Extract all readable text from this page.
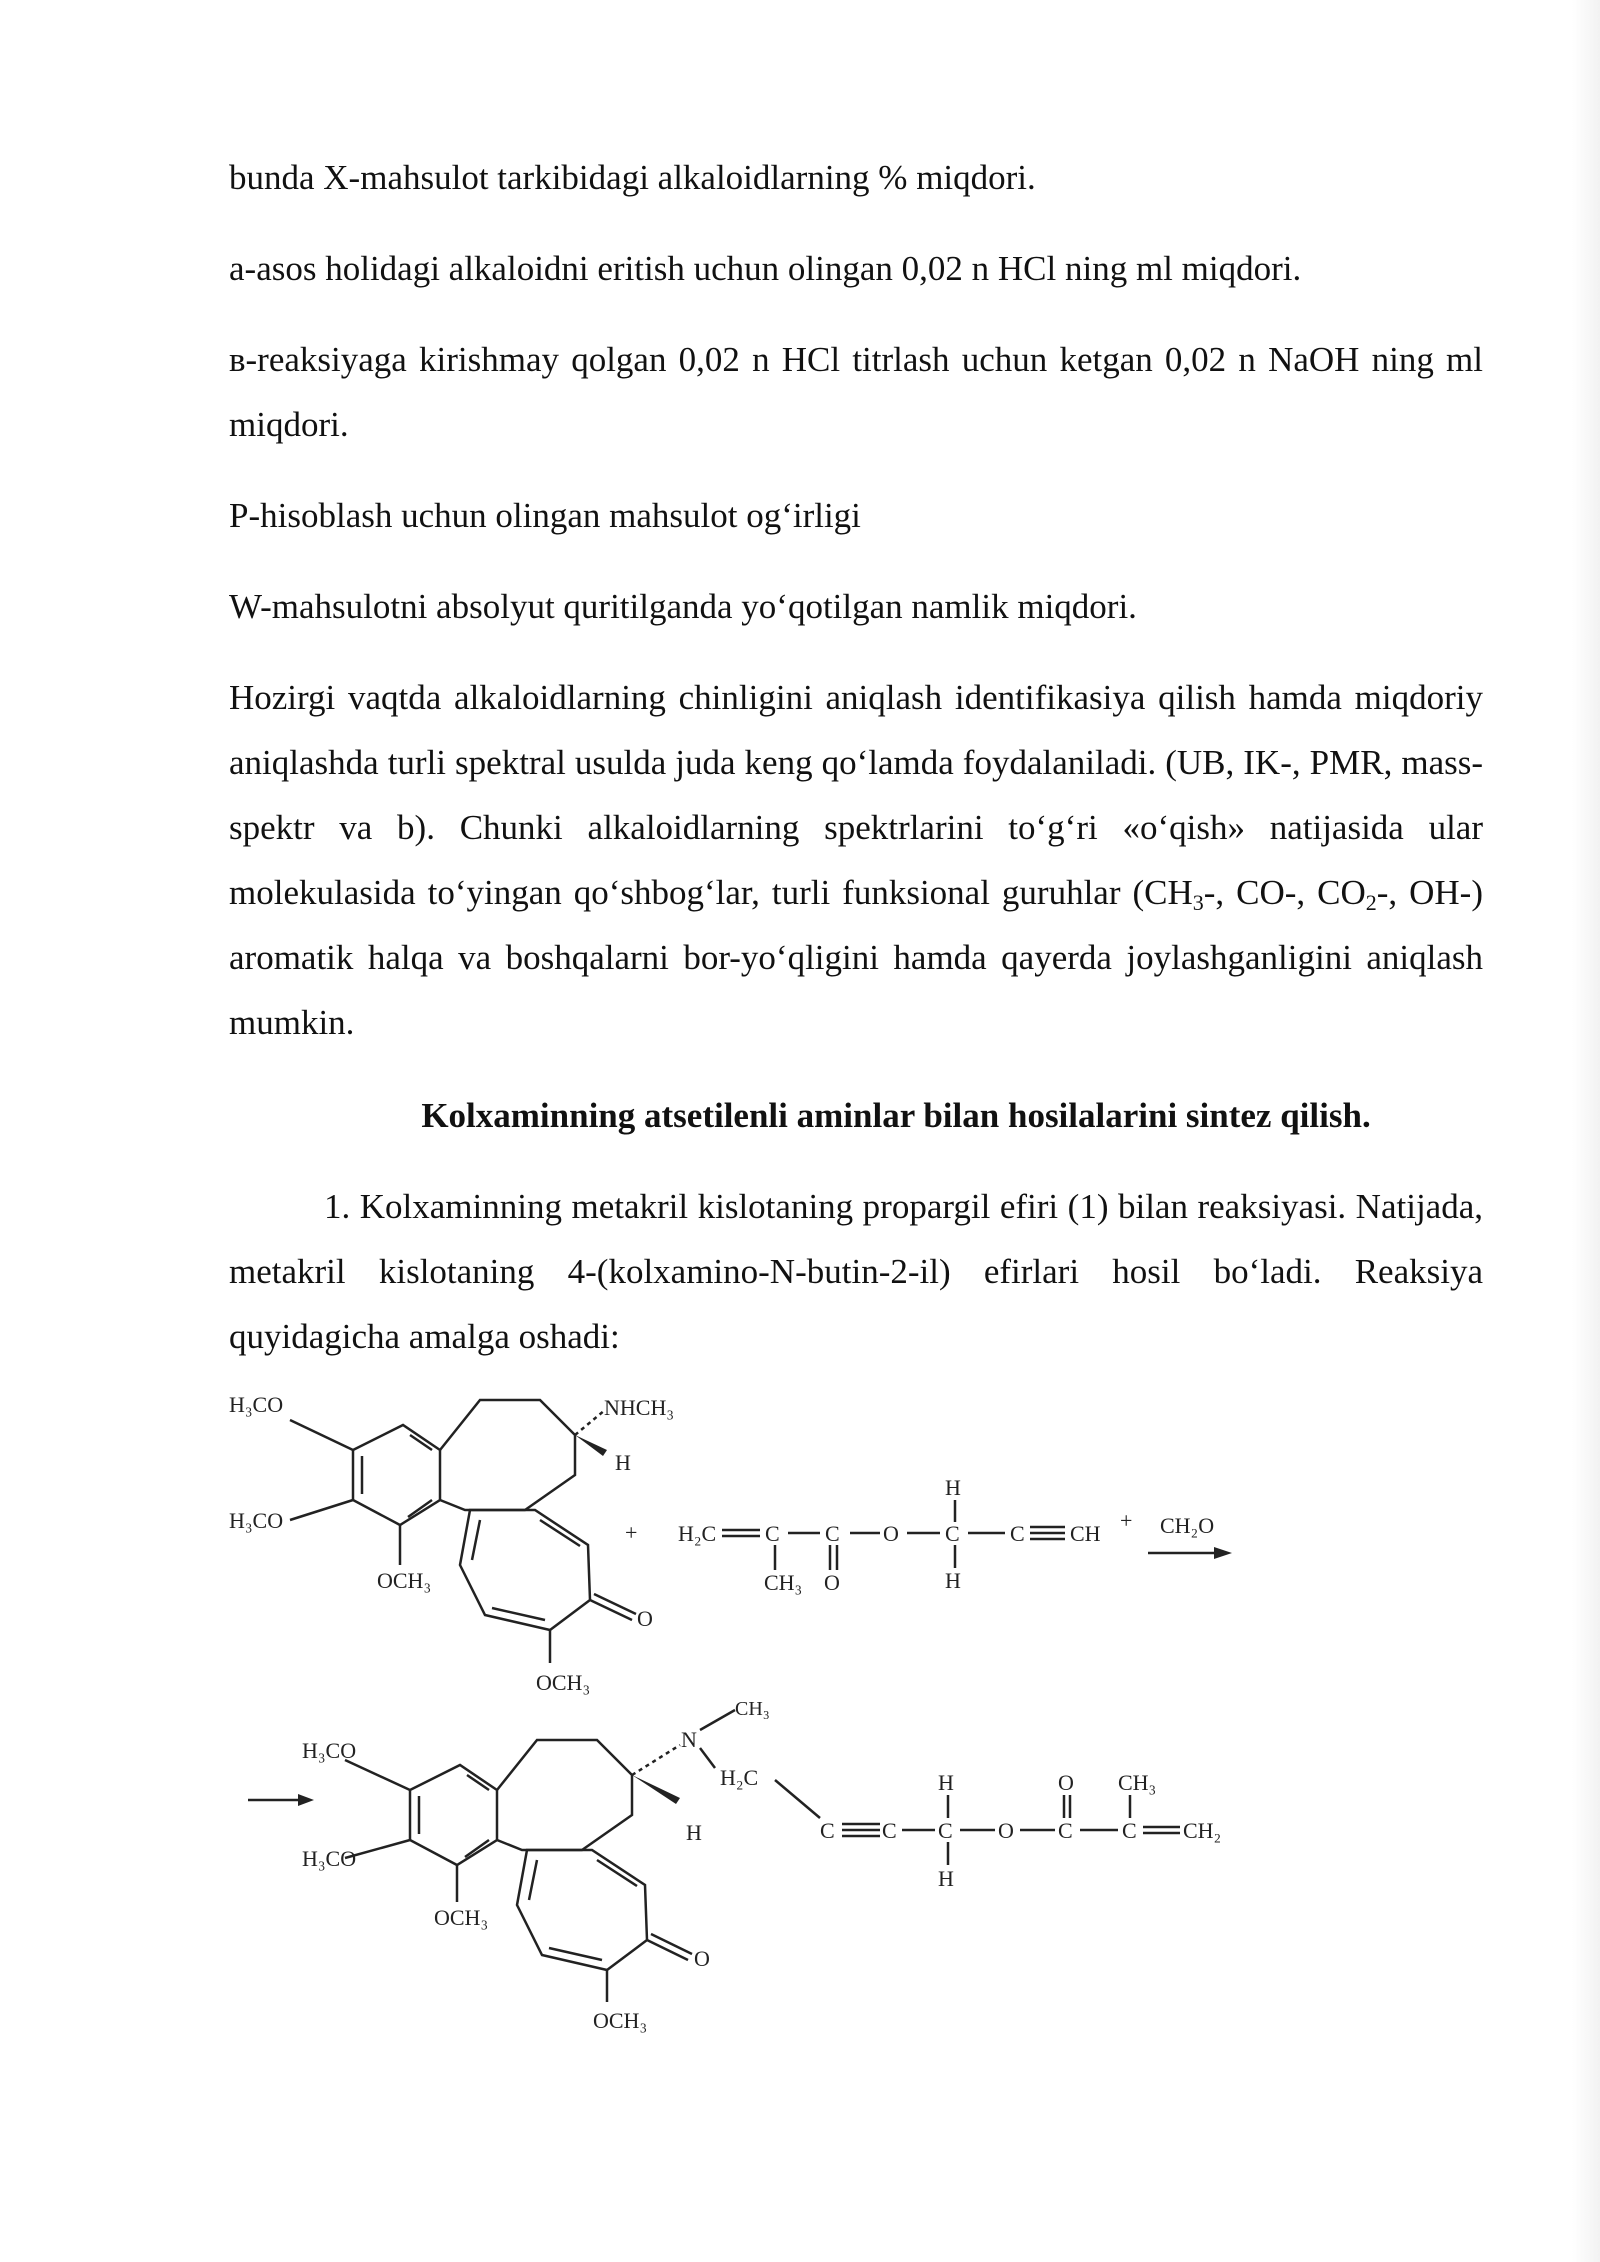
bunda X-mahsulot tarkibidagi alkaloidlarning % miqdori.

a-asos holidagi alkaloidni eritish uchun olingan 0,02 n HCl ning ml miqdori.

в-reaksiyaga kirishmay qolgan 0,02 n HCl titrlash uchun ketgan 0,02 n NaOH ning ml miqdori.

P-hisoblash uchun olingan mahsulot og‘irligi

W-mahsulotni absolyut quritilganda yo‘qotilgan namlik miqdori.

Hozirgi vaqtda alkaloidlarning chinligini aniqlash identifikasiya qilish hamda miqdoriy aniqlashda turli spektral usulda juda keng qo‘lamda foydalaniladi. (UB, IK-, PMR, mass-spektr va b). Chunki alkaloidlarning spektrlarini to‘g‘ri «o‘qish» natijasida ular molekulasida to‘yingan qo‘shbog‘lar, turli funksional guruhlar ($CH_3-$, CO-, $CO_2-$, OH-) aromatik halqa va boshqalarni bor-yo‘qligini hamda qayerda joylashganligini aniqlash mumkin.

Kolxaminning atsetilenli aminlar bilan hosilalarini sintez qilish.

1. Kolxaminning metakril kislotaning propargil efiri (1) bilan reaksiyasi. Natijada, metakril kislotaning 4-(kolxamino-N-butin-2-il) efirlari hosil bo‘ladi. Reaksiya quyidagicha amalga oshadi:

H₃CO
H₃CO
OCH₃
OCH₃
O
NHCH₃
H
+ H₂C C C O C C CH
CH₃ O
H
H
+ CH₂O
H₃CO
H₃CO
OCH₃
OCH₃
O
N
CH₃
H
H₂C
C C C O C C CH₂
H
H
O CH₃
